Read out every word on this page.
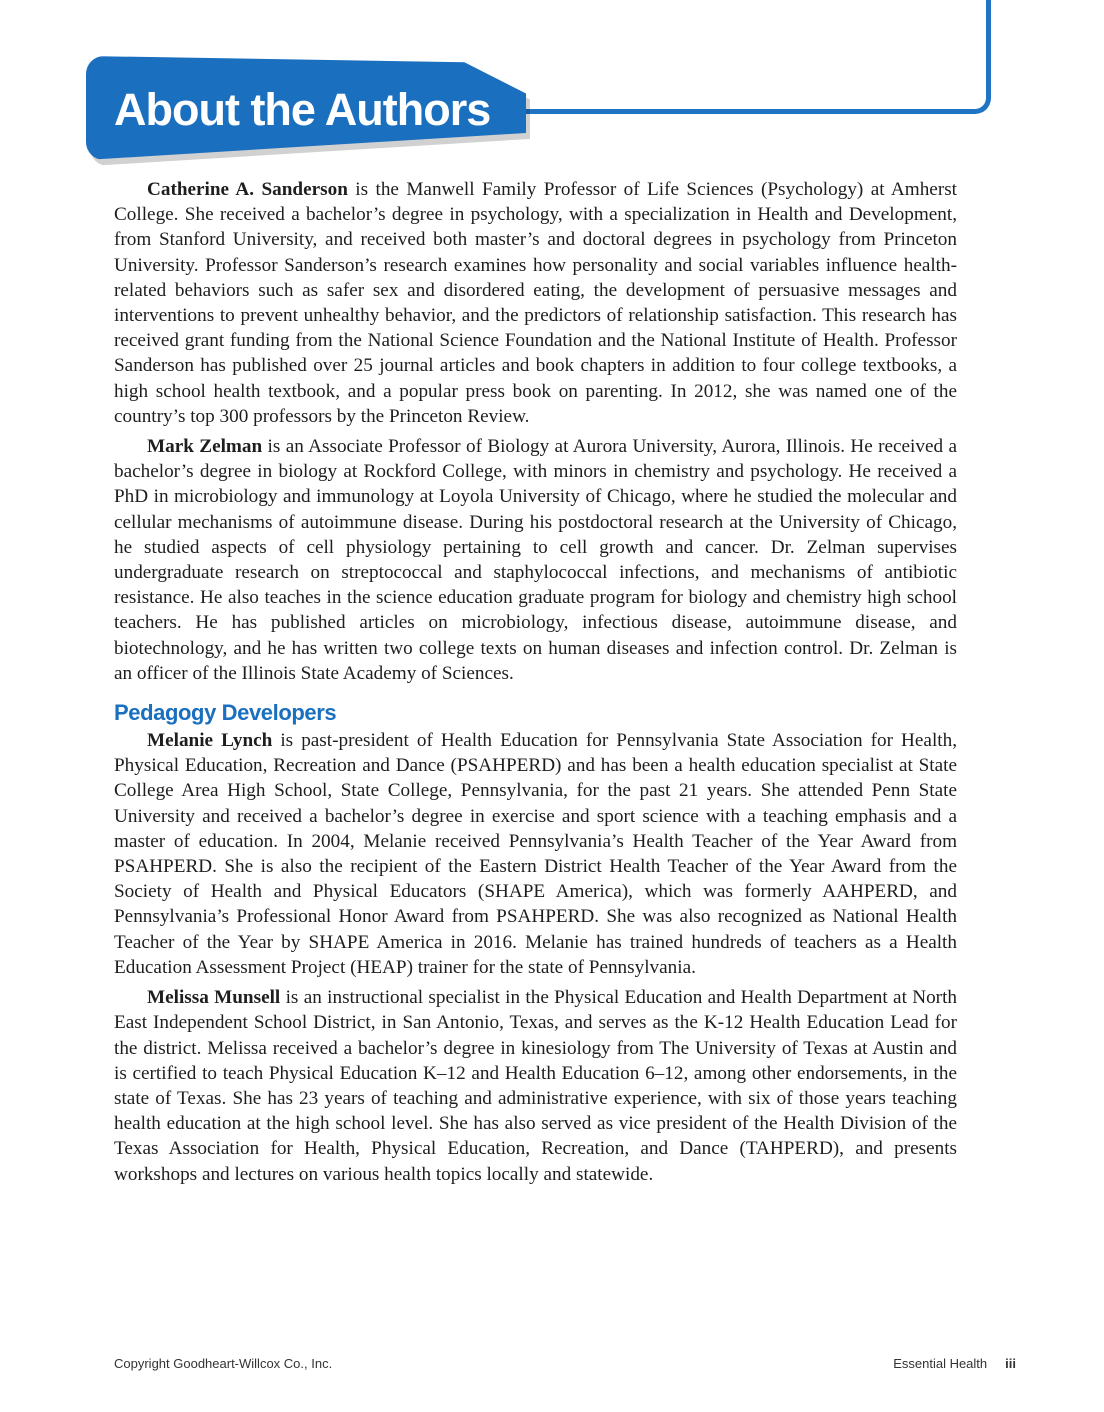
About the Authors

Catherine A. Sanderson is the Manwell Family Professor of Life Sciences (Psychology) at Amherst College. She received a bachelor’s degree in psychology, with a specialization in Health and Development, from Stanford University, and received both master’s and doctoral degrees in psychology from Princeton University. Professor Sanderson’s research examines how personality and social variables influence health-related behaviors such as safer sex and disordered eating, the development of persuasive messages and interventions to prevent unhealthy behavior, and the predictors of relationship satisfaction. This research has received grant funding from the National Science Foundation and the National Institute of Health. Professor Sanderson has published over 25 journal articles and book chapters in addition to four college textbooks, a high school health textbook, and a popular press book on parenting. In 2012, she was named one of the country’s top 300 professors by the Princeton Review.

Mark Zelman is an Associate Professor of Biology at Aurora University, Aurora, Illinois. He received a bachelor’s degree in biology at Rockford College, with minors in chemistry and psychology. He received a PhD in microbiology and immunology at Loyola University of Chicago, where he studied the molecular and cellular mechanisms of autoimmune disease. During his postdoctoral research at the University of Chicago, he studied aspects of cell physiology pertaining to cell growth and cancer. Dr. Zelman supervises undergraduate research on streptococcal and staphylococcal infections, and mechanisms of antibiotic resistance. He also teaches in the science education graduate program for biology and chemistry high school teachers. He has published articles on microbiology, infectious disease, autoimmune disease, and biotechnology, and he has written two college texts on human diseases and infection control. Dr. Zelman is an officer of the Illinois State Academy of Sciences.

Pedagogy Developers

Melanie Lynch is past-president of Health Education for Pennsylvania State Association for Health, Physical Education, Recreation and Dance (PSAHPERD) and has been a health education specialist at State College Area High School, State College, Pennsylvania, for the past 21 years. She attended Penn State University and received a bachelor’s degree in exercise and sport science with a teaching emphasis and a master of education. In 2004, Melanie received Pennsylvania’s Health Teacher of the Year Award from PSAHPERD. She is also the recipient of the Eastern District Health Teacher of the Year Award from the Society of Health and Physical Educators (SHAPE America), which was formerly AAHPERD, and Pennsylvania’s Professional Honor Award from PSAHPERD. She was also recognized as National Health Teacher of the Year by SHAPE America in 2016. Melanie has trained hundreds of teachers as a Health Education Assessment Project (HEAP) trainer for the state of Pennsylvania.

Melissa Munsell is an instructional specialist in the Physical Education and Health Department at North East Independent School District, in San Antonio, Texas, and serves as the K-12 Health Education Lead for the district. Melissa received a bachelor’s degree in kinesiology from The University of Texas at Austin and is certified to teach Physical Education K–12 and Health Education 6–12, among other endorsements, in the state of Texas. She has 23 years of teaching and administrative experience, with six of those years teaching health education at the high school level. She has also served as vice president of the Health Division of the Texas Association for Health, Physical Education, Recreation, and Dance (TAHPERD), and presents workshops and lectures on various health topics locally and statewide.

Copyright Goodheart-Willcox Co., Inc.	Essential Health iii
